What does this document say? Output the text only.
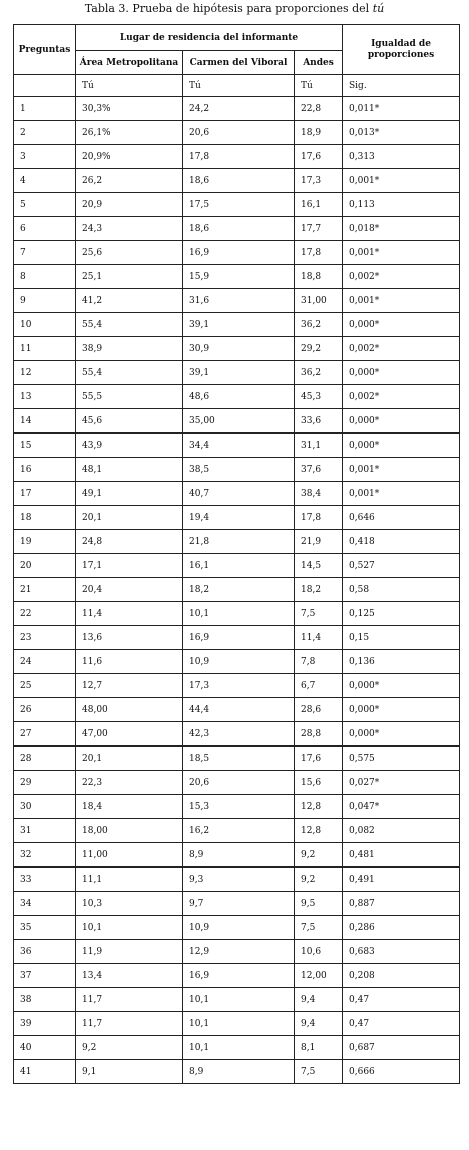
Tabla 3. Prueba de hipótesis para proporciones del tú
Preguntas	Lugar de residencia del informante			Igualdad de proporciones
	Área Metropolitana	Carmen del Viboral	Andes	
	Tú	Tú	Tú	Sig.
1	30,3%	24,2	22,8	0,011*
2	26,1%	20,6	18,9	0,013*
3	20,9%	17,8	17,6	0,313
4	26,2	18,6	17,3	0,001*
5	20,9	17,5	16,1	0,113
6	24,3	18,6	17,7	0,018*
7	25,6	16,9	17,8	0,001*
8	25,1	15,9	18,8	0,002*
9	41,2	31,6	31,00	0,001*
10	55,4	39,1	36,2	0,000*
11	38,9	30,9	29,2	0,002*
12	55,4	39,1	36,2	0,000*
13	55,5	48,6	45,3	0,002*
14	45,6	35,00	33,6	0,000*
15	43,9	34,4	31,1	0,000*
16	48,1	38,5	37,6	0,001*
17	49,1	40,7	38,4	0,001*
18	20,1	19,4	17,8	0,646
19	24,8	21,8	21,9	0,418
20	17,1	16,1	14,5	0,527
21	20,4	18,2	18,2	0,58
22	11,4	10,1	7,5	0,125
23	13,6	16,9	11,4	0,15
24	11,6	10,9	7,8	0,136
25	12,7	17,3	6,7	0,000*
26	48,00	44,4	28,6	0,000*
27	47,00	42,3	28,8	0,000*
28	20,1	18,5	17,6	0,575
29	22,3	20,6	15,6	0,027*
30	18,4	15,3	12,8	0,047*
31	18,00	16,2	12,8	0,082
32	11,00	8,9	9,2	0,481
33	11,1	9,3	9,2	0,491
34	10,3	9,7	9,5	0,887
35	10,1	10,9	7,5	0,286
36	11,9	12,9	10,6	0,683
37	13,4	16,9	12,00	0,208
38	11,7	10,1	9,4	0,47
39	11,7	10,1	9,4	0,47
40	9,2	10,1	8,1	0,687
41	9,1	8,9	7,5	0,666
